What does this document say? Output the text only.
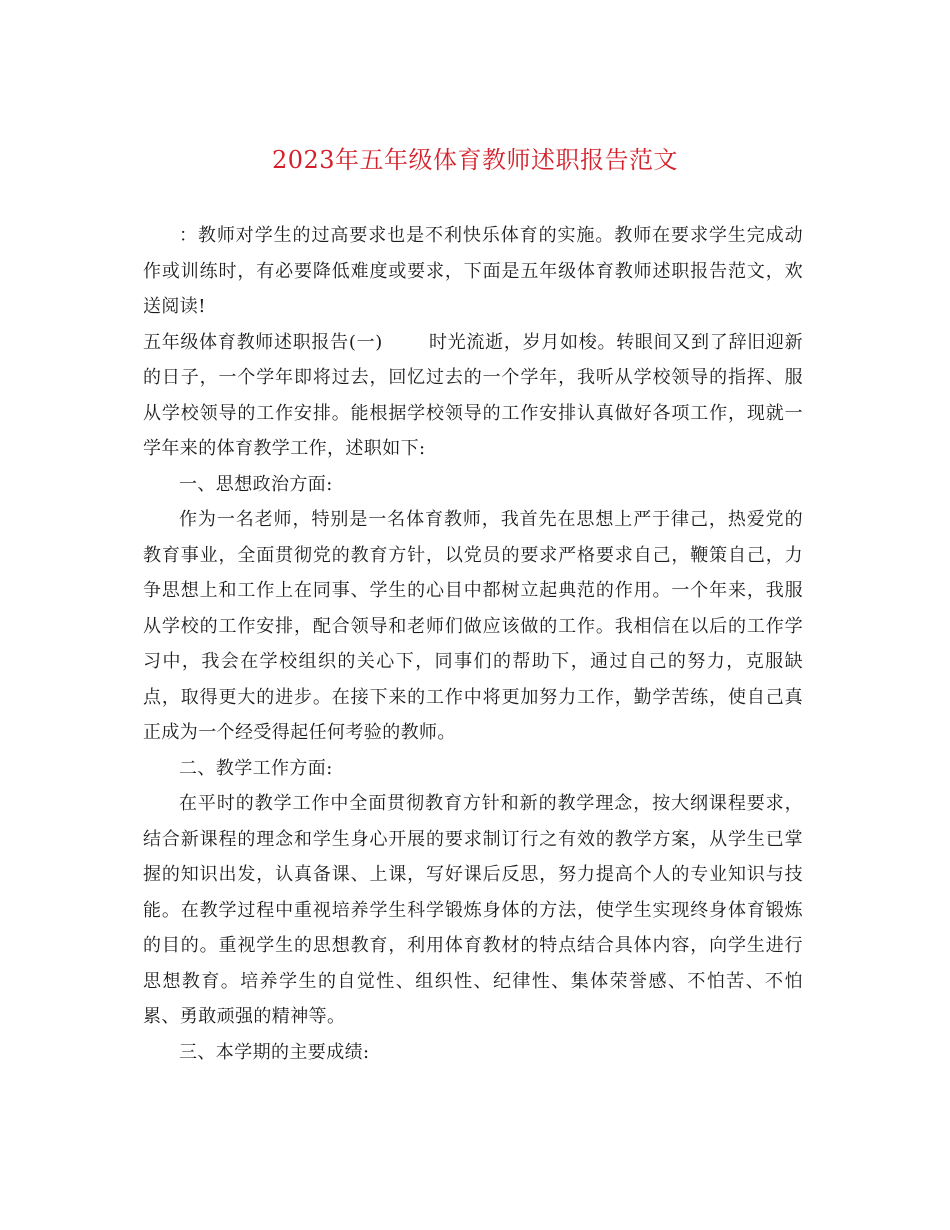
2023年五年级体育教师述职报告范文

：教师对学生的过高要求也是不利快乐体育的实施。教师在要求学生完成动作或训练时，有必要降低难度或要求，下面是五年级体育教师述职报告范文，欢送阅读!

五年级体育教师述职报告(一)	时光流逝，岁月如梭。转眼间又到了辞旧迎新的日子，一个学年即将过去，回忆过去的一个学年，我听从学校领导的指挥、服从学校领导的工作安排。能根据学校领导的工作安排认真做好各项工作，现就一学年来的体育教学工作，述职如下:

一、思想政治方面:

作为一名老师，特别是一名体育教师，我首先在思想上严于律己，热爱党的教育事业，全面贯彻党的教育方针，以党员的要求严格要求自己，鞭策自己，力争思想上和工作上在同事、学生的心目中都树立起典范的作用。一个年来，我服从学校的工作安排，配合领导和老师们做应该做的工作。我相信在以后的工作学习中，我会在学校组织的关心下，同事们的帮助下，通过自己的努力，克服缺点，取得更大的进步。在接下来的工作中将更加努力工作，勤学苦练，使自己真正成为一个经受得起任何考验的教师。

二、教学工作方面:

在平时的教学工作中全面贯彻教育方针和新的教学理念，按大纲课程要求，结合新课程的理念和学生身心开展的要求制订行之有效的教学方案，从学生已掌握的知识出发，认真备课、上课，写好课后反思，努力提高个人的专业知识与技能。在教学过程中重视培养学生科学锻炼身体的方法，使学生实现终身体育锻炼的目的。重视学生的思想教育，利用体育教材的特点结合具体内容，向学生进行思想教育。培养学生的自觉性、组织性、纪律性、集体荣誉感、不怕苦、不怕累、勇敢顽强的精神等。

三、本学期的主要成绩:
